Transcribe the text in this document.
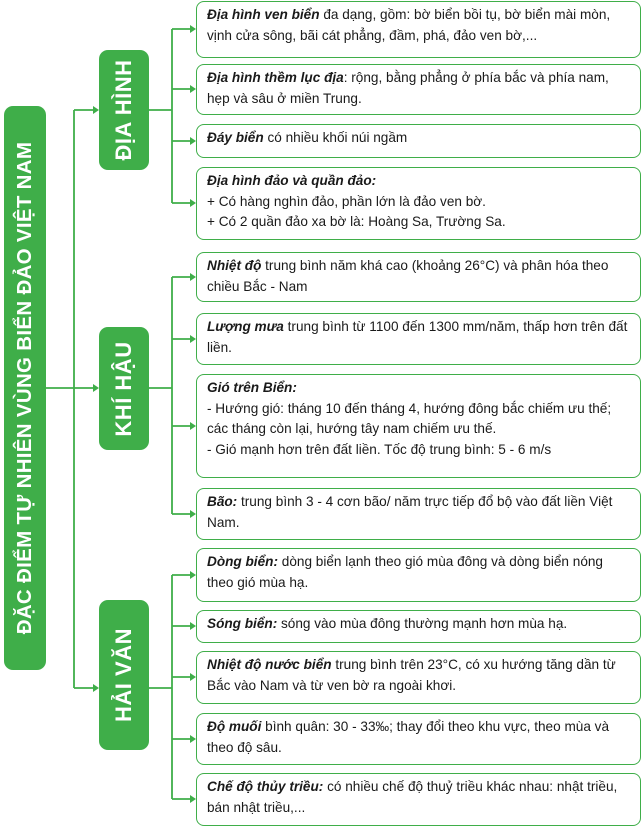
ĐẶC ĐIỂM TỰ NHIÊN VÙNG BIỂN ĐẢO VIỆT NAM
ĐỊA HÌNH
KHÍ HẬU
HẢI VĂN
Địa hình ven biển đa dạng, gồm: bờ biển bồi tụ, bờ biển mài mòn, vịnh cửa sông, bãi cát phẳng, đầm, phá, đảo ven bờ,...
Địa hình thềm lục địa: rộng, bằng phẳng ở phía bắc và phía nam, hẹp và sâu ở miền Trung.
Đáy biển có nhiều khối núi ngầm
Địa hình đảo và quần đảo:
+ Có hàng nghìn đảo, phần lớn là đảo ven bờ.
+ Có 2 quần đảo xa bờ là: Hoàng Sa, Trường Sa.
Nhiệt độ trung bình năm khá cao (khoảng 26°C) và phân hóa theo chiều Bắc - Nam
Lượng mưa trung bình từ 1100 đến 1300 mm/năm, thấp hơn trên đất liền.
Gió trên Biển:
- Hướng gió: tháng 10 đến tháng 4, hướng đông bắc chiếm ưu thế; các tháng còn lại, hướng tây nam chiếm ưu thế.
- Gió mạnh hơn trên đất liền. Tốc độ trung bình: 5 - 6 m/s
Bão: trung bình 3 - 4 cơn bão/ năm trực tiếp đổ bộ vào đất liền Việt Nam.
Dòng biển: dòng biển lạnh theo gió mùa đông và dòng biển nóng theo gió mùa hạ.
Sóng biển: sóng vào mùa đông thường mạnh hơn mùa hạ.
Nhiệt độ nước biển trung bình trên 23°C, có xu hướng tăng dần từ Bắc vào Nam và từ ven bờ ra ngoài khơi.
Độ muối bình quân: 30 - 33‰; thay đổi theo khu vực, theo mùa và theo độ sâu.
Chế độ thủy triều: có nhiều chế độ thuỷ triều khác nhau: nhật triều, bán nhật triều,...
